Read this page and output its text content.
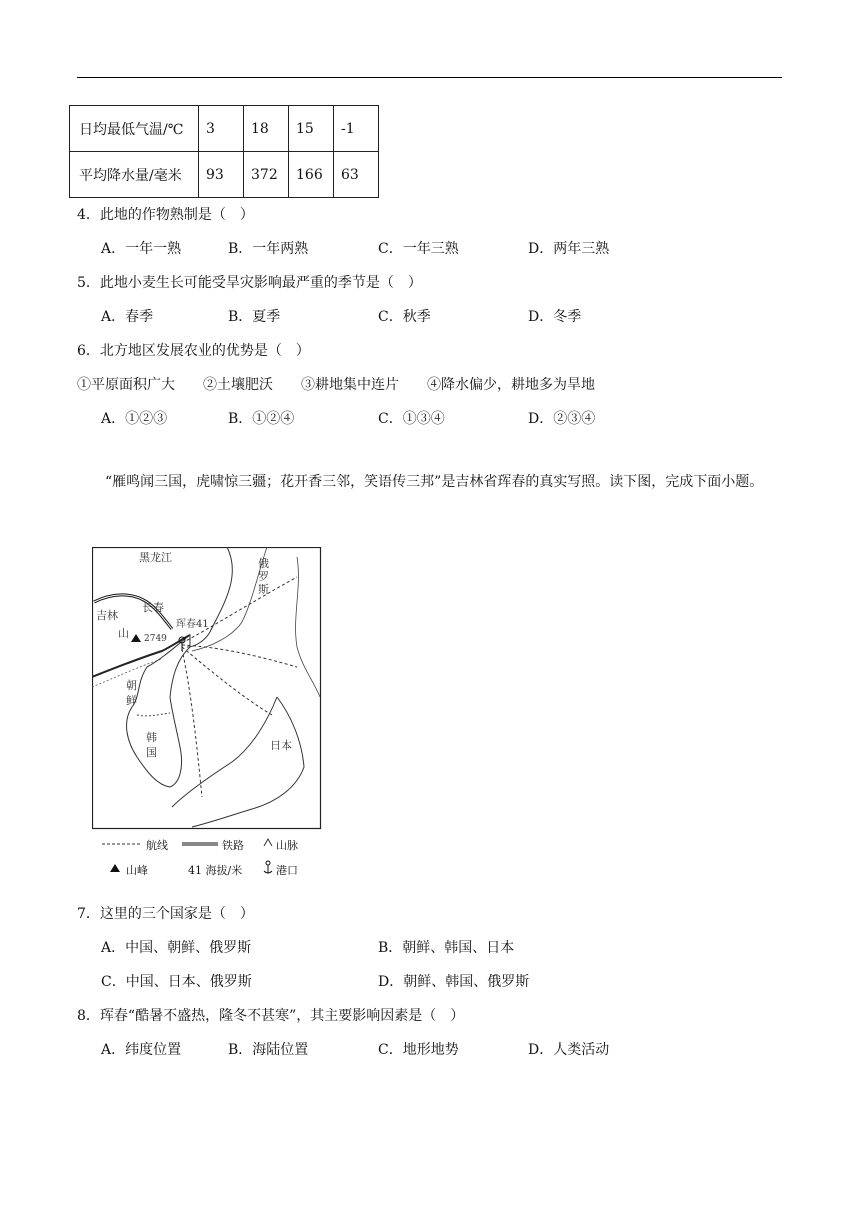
日均最低气温/℃	3	18	15	-1
平均降水量/毫米	93	372	166	63
4．此地的作物熟制是（　）
A．一年一熟	B．一年两熟	C．一年三熟	D．两年三熟
5．此地小麦生长可能受旱灾影响最严重的季节是（　）
A．春季	B．夏季	C．秋季	D．冬季
6．北方地区发展农业的优势是（　）
①平原面积广大　　②土壤肥沃　　③耕地集中连片　　④降水偏少，耕地多为旱地
A．①②③	B．①②④	C．①③④	D．②③④
“雁鸣闻三国，虎啸惊三疆；花开香三邻，笑语传三邦”是吉林省珲春的真实写照。读下图，完成下面小题。
黑龙江	俄
罗
斯
吉林
长春
珲春41
山 2749
朝
鲜
韩
国
日本
航线	铁路	山脉
山峰	41 海拔/米	港口
7．这里的三个国家是（　）
A．中国、朝鲜、俄罗斯	B．朝鲜、韩国、日本
C．中国、日本、俄罗斯	D．朝鲜、韩国、俄罗斯
8．珲春“酷暑不盛热，隆冬不甚寒”，其主要影响因素是（　）
A．纬度位置	B．海陆位置	C．地形地势	D．人类活动
